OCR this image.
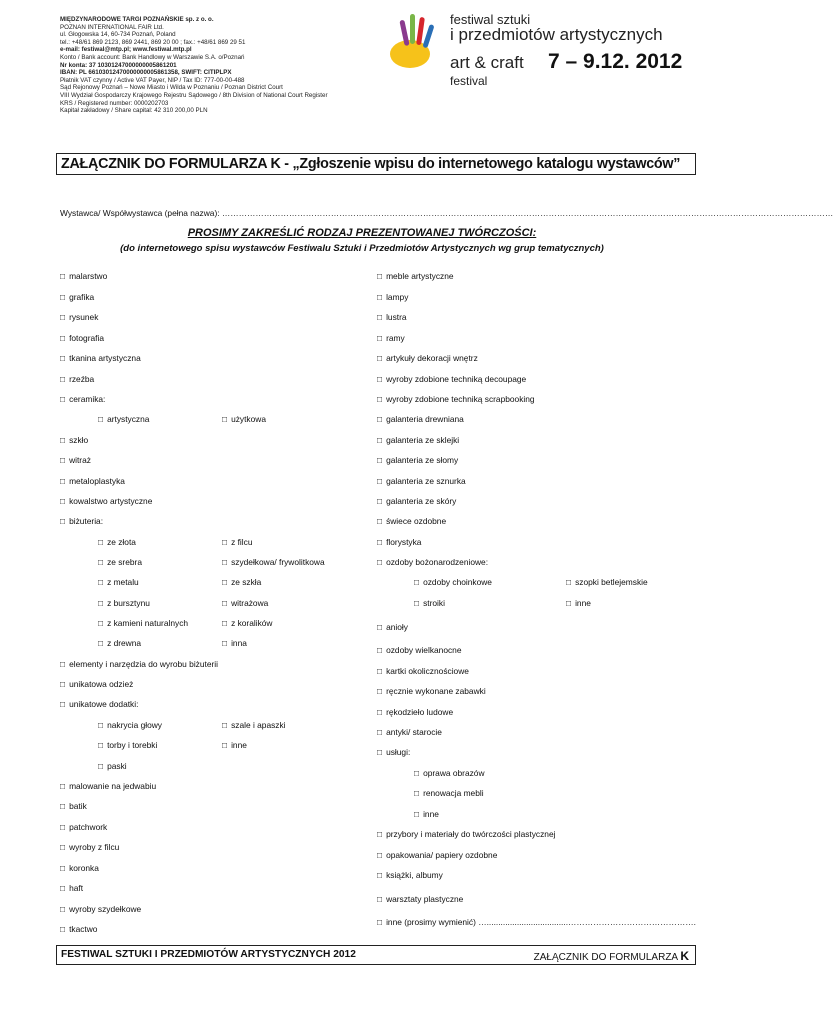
MIĘDZYNARODOWE TARGI POZNAŃSKIE sp. z o. o.
POZNAN INTERNATIONAL FAIR Ltd.
ul. Głogowska 14, 60-734 Poznań, Poland
tel.: +48/61 869 2123, 869 2441, 869 20 00 ; fax.: +48/61 869 29 51
e-mail: festiwal@mtp.pl; www.festiwal.mtp.pl
Konto / Bank account: Bank Handlowy w Warszawie S.A. o/Poznań
Nr konta: 37 10301247000000005861201
IBAN: PL 66103012470000000005861358, SWIFT: CITIPLPX
Płatnik VAT czynny / Active VAT Payer, NIP / Tax ID: 777-00-00-488
Sąd Rejonowy Poznań – Nowe Miasto i Wilda w Poznaniu / Poznan District Court
VIII Wydział Gospodarczy Krajowego Rejestru Sądowego / 8th Division of National Court Register
KRS / Registered number: 0000202703
Kapitał zakładowy / Share capital: 42 310 200,00 PLN
festiwal sztuki
i przedmiotów artystycznych
art & craft
festival
7 – 9.12. 2012
ZAŁĄCZNIK DO FORMULARZA K - „Zgłoszenie wpisu do internetowego katalogu wystawców”
Wystawca/ Współwystawca (pełna nazwa): …………………………………………………………………………………………………………………………………………………………………………………………………
PROSIMY ZAKREŚLIĆ RODZAJ PREZENTOWANEJ TWÓRCZOŚCI:
(do internetowego spisu wystawców Festiwalu Sztuki i Przedmiotów Artystycznych wg grup tematycznych)
□ malarstwo
□ grafika
□ rysunek
□ fotografia
□ tkanina artystyczna
□ rzeźba
□ ceramika:
□ artystyczna	□ użytkowa
□ szkło
□ witraż
□ metaloplastyka
□ kowalstwo artystyczne
□ biżuteria:
□ ze złota	□ z filcu
□ ze srebra	□ szydełkowa/ frywolitkowa
□ z metalu	□ ze szkła
□ z bursztynu	□ witrażowa
□ z kamieni naturalnych	□ z koralików
□ z drewna	□ inna
□ elementy i narzędzia do wyrobu biżuterii
□ unikatowa odzież
□ unikatowe dodatki:
□ nakrycia głowy	□ szale i apaszki
□ torby i torebki	□ inne
□ paski
□ malowanie na jedwabiu
□ batik
□ patchwork
□ wyroby z filcu
□ koronka
□ haft
□ wyroby szydełkowe
□ tkactwo
□ meble artystyczne
□ lampy
□ lustra
□ ramy
□ artykuły dekoracji wnętrz
□ wyroby zdobione techniką decoupage
□ wyroby zdobione techniką scrapbooking
□ galanteria drewniana
□ galanteria ze sklejki
□ galanteria ze słomy
□ galanteria ze sznurka
□ galanteria ze skóry
□ świece ozdobne
□ florystyka
□ ozdoby bożonarodzeniowe:
□ ozdoby choinkowe	□ szopki betlejemskie
□ stroiki	□ inne
□ anioły
□ ozdoby wielkanocne
□ kartki okolicznościowe
□ ręcznie wykonane zabawki
□ rękodzieło ludowe
□ antyki/ starocie
□ usługi:
□ oprawa obrazów
□ renowacja mebli
□ inne
□ przybory i materiały do twórczości plastycznej
□ opakowania/ papiery ozdobne
□ książki, albumy
□ warsztaty plastyczne
□ inne (prosimy wymienić) …...................................……………………………………….
FESTIWAL SZTUKI I PRZEDMIOTÓW ARTYSTYCZNYCH 2012	ZAŁĄCZNIK DO FORMULARZA K
